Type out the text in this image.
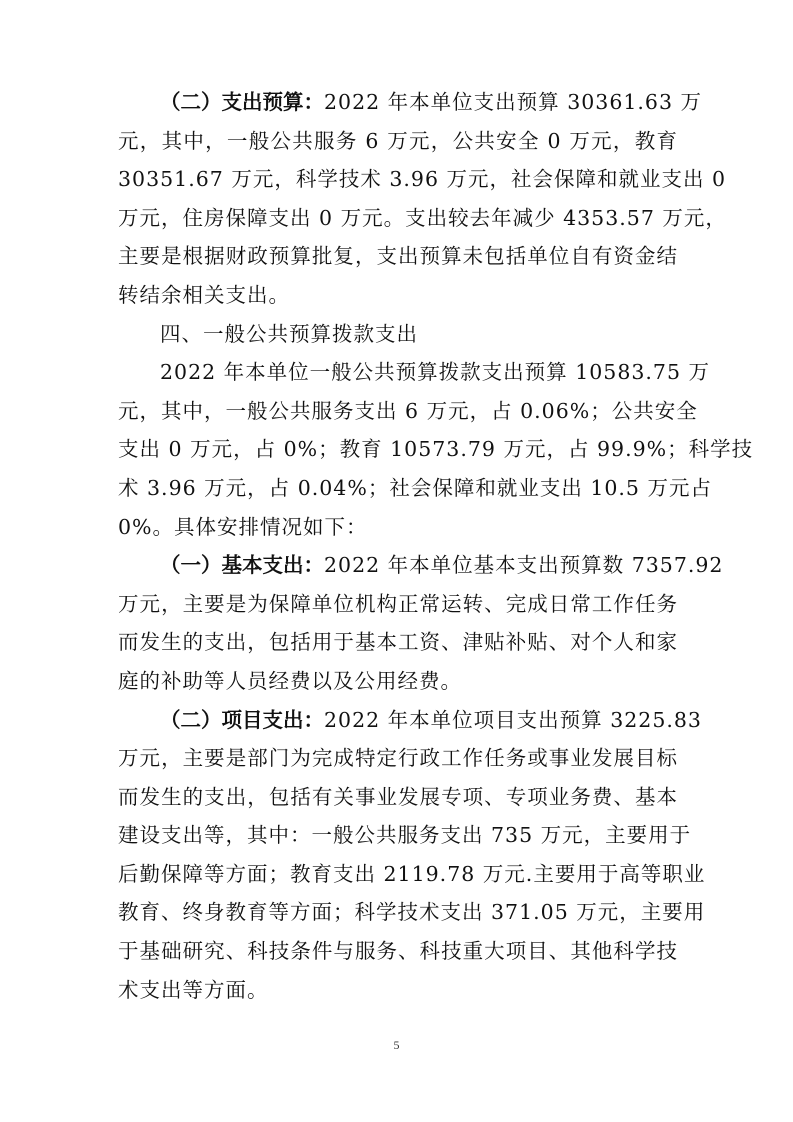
（二）支出预算：2022 年本单位支出预算 30361.63 万

元，其中，一般公共服务 6 万元，公共安全 0 万元，教育

30351.67 万元，科学技术 3.96 万元，社会保障和就业支出 0

万元，住房保障支出 0 万元。支出较去年减少 4353.57 万元，

主要是根据财政预算批复，支出预算未包括单位自有资金结

转结余相关支出。

四、一般公共预算拨款支出

2022 年本单位一般公共预算拨款支出预算 10583.75 万

元，其中，一般公共服务支出 6 万元，占 0.06%；公共安全

支出 0 万元，占 0%；教育 10573.79 万元，占 99.9%；科学技

术 3.96 万元，占 0.04%；社会保障和就业支出 10.5 万元占

0%。具体安排情况如下：

（一）基本支出：2022 年本单位基本支出预算数 7357.92

万元，主要是为保障单位机构正常运转、完成日常工作任务

而发生的支出，包括用于基本工资、津贴补贴、对个人和家

庭的补助等人员经费以及公用经费。

（二）项目支出：2022 年本单位项目支出预算 3225.83

万元，主要是部门为完成特定行政工作任务或事业发展目标

而发生的支出，包括有关事业发展专项、专项业务费、基本

建设支出等，其中：一般公共服务支出 735 万元，主要用于

后勤保障等方面；教育支出 2119.78 万元.主要用于高等职业

教育、终身教育等方面；科学技术支出 371.05 万元，主要用

于基础研究、科技条件与服务、科技重大项目、其他科学技

术支出等方面。

5
